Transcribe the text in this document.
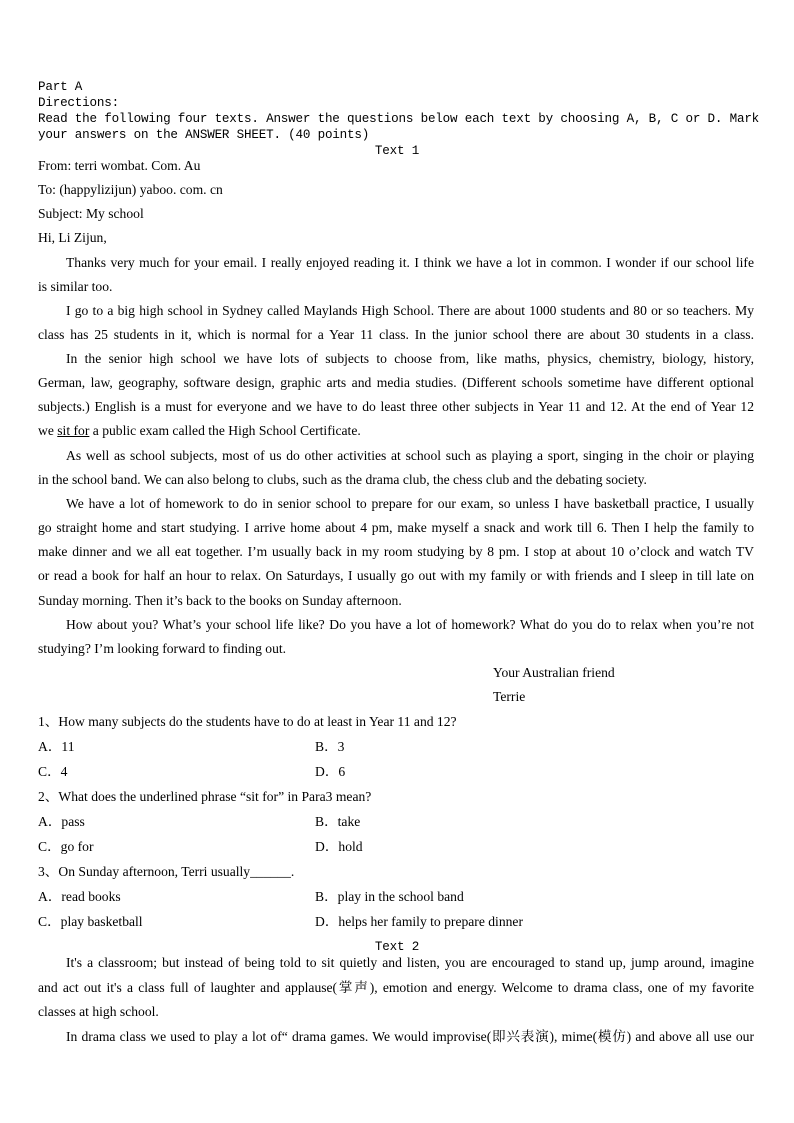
Part A
Directions:
Read the following four texts. Answer the questions below each text by choosing A, B, C or D. Mark
your answers on the ANSWER SHEET. (40 points)
Text 1
From: terri wombat. Com. Au
To: (happylizijun) yaboo. com. cn
Subject: My school
Hi, Li Zijun,
Thanks very much for your email. I really enjoyed reading it. I think we have a lot in common. I wonder if our school life
is similar too.
I go to a big high school in Sydney called Maylands High School. There are about 1000 students and 80 or so teachers. My
class has 25 students in it, which is normal for a Year 11 class. In the junior school there are about 30 students in a class.
In the senior high school we have lots of subjects to choose from, like maths, physics, chemistry, biology, history,
German, law, geography, software design, graphic arts and media studies. (Different schools sometime have different optional
subjects.) English is a must for everyone and we have to do least three other subjects in Year 11 and 12. At the end of Year 12
we sit for a public exam called the High School Certificate.
As well as school subjects, most of us do other activities at school such as playing a sport, singing in the choir or playing
in the school band. We can also belong to clubs, such as the drama club, the chess club and the debating society.
We have a lot of homework to do in senior school to prepare for our exam, so unless I have basketball practice, I usually
go straight home and start studying. I arrive home about 4 pm, make myself a snack and work till 6. Then I help the family to
make dinner and we all eat together. I’m usually back in my room studying by 8 pm. I stop at about 10 o’clock and watch TV
or read a book for half an hour to relax. On Saturdays, I usually go out with my family or with friends and I sleep in till late on
Sunday morning. Then it’s back to the books on Sunday afternoon.
How about you? What’s your school life like? Do you have a lot of homework? What do you do to relax when you’re not
studying? I’m looking forward to finding out.
Your Australian friend
Terrie
1、How many subjects do the students have to do at least in Year 11 and 12?
A．11	B．3
C．4	D．6
2、What does the underlined phrase “sit for” in Para3 mean?
A．pass	B．take
C．go for	D．hold
3、On Sunday afternoon, Terri usually______.
A．read books	B．play in the school band
C．play basketball	D．helps her family to prepare dinner
Text 2
It's a classroom; but instead of being told to sit quietly and listen, you are encouraged to stand up, jump around, imagine
and act out it's a class full of laughter and applause(掌声), emotion and energy. Welcome to drama class, one of my favorite
classes at high school.
In drama class we used to play a lot of“ drama games. We would improvise(即兴表演), mime(模仿) and above all use our
